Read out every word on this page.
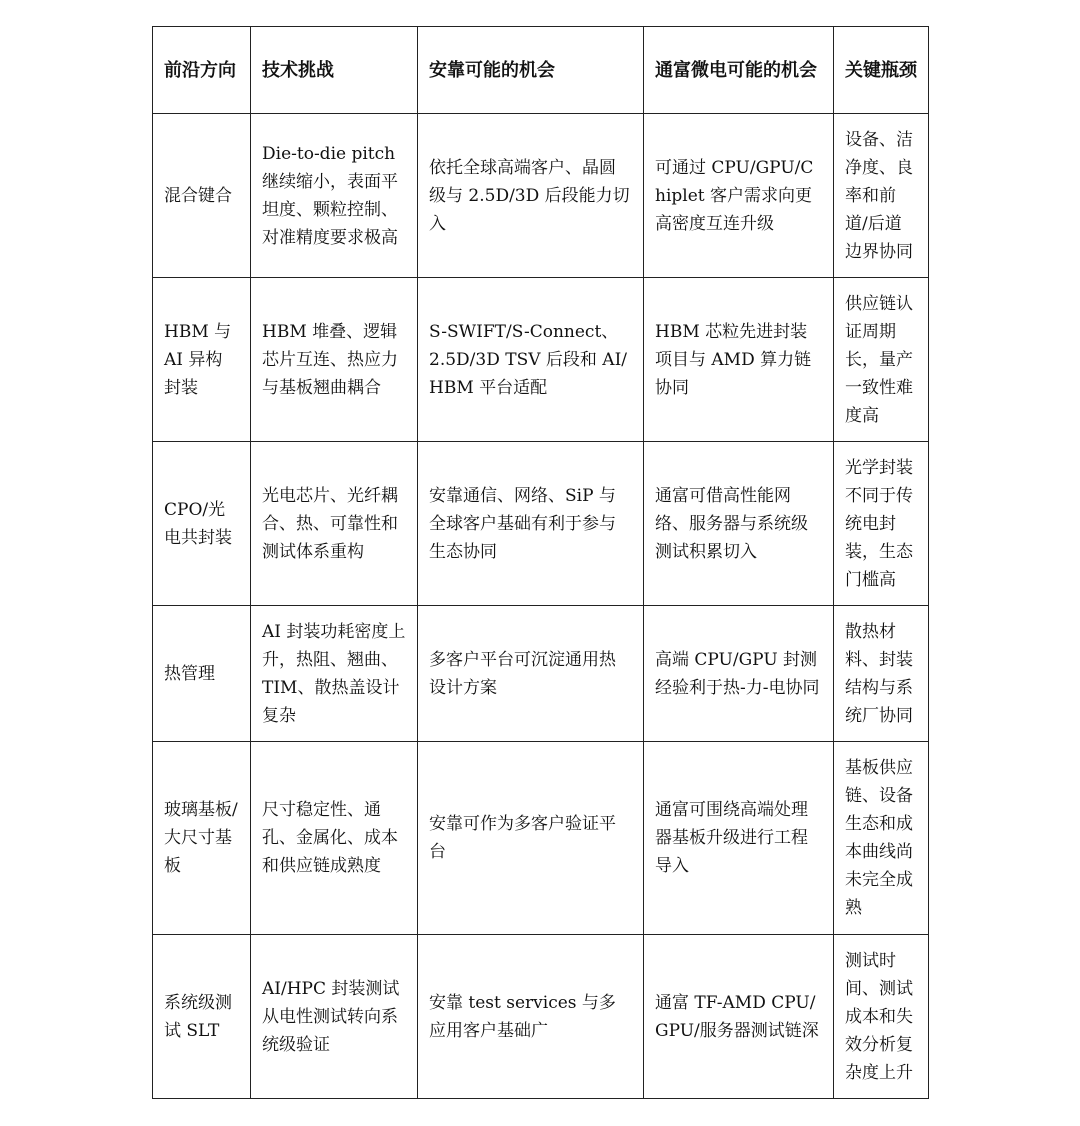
前沿方向	技术挑战	安靠可能的机会	通富微电可能的机会	关键瓶颈
混合键合	Die-to-die pitch 继续缩小，表面平坦度、颗粒控制、对准精度要求极高	依托全球高端客户、晶圆级与 2.5D/3D 后段能力切入	可通过 CPU/GPU/Chiplet 客户需求向更高密度互连升级	设备、洁净度、良率和前道/后道边界协同
HBM 与 AI 异构封装	HBM 堆叠、逻辑芯片互连、热应力与基板翘曲耦合	S-SWIFT/S-Connect、2.5D/3D TSV 后段和 AI/HBM 平台适配	HBM 芯粒先进封装项目与 AMD 算力链协同	供应链认证周期长，量产一致性难度高
CPO/光电共封装	光电芯片、光纤耦合、热、可靠性和测试体系重构	安靠通信、网络、SiP 与全球客户基础有利于参与生态协同	通富可借高性能网络、服务器与系统级测试积累切入	光学封装不同于传统电封装，生态门槛高
热管理	AI 封装功耗密度上升，热阻、翘曲、TIM、散热盖设计复杂	多客户平台可沉淀通用热设计方案	高端 CPU/GPU 封测经验利于热-力-电协同	散热材料、封装结构与系统厂协同
玻璃基板/大尺寸基板	尺寸稳定性、通孔、金属化、成本和供应链成熟度	安靠可作为多客户验证平台	通富可围绕高端处理器基板升级进行工程导入	基板供应链、设备生态和成本曲线尚未完全成熟
系统级测试 SLT	AI/HPC 封装测试从电性测试转向系统级验证	安靠 test services 与多应用客户基础广	通富 TF-AMD CPU/GPU/服务器测试链深	测试时间、测试成本和失效分析复杂度上升
